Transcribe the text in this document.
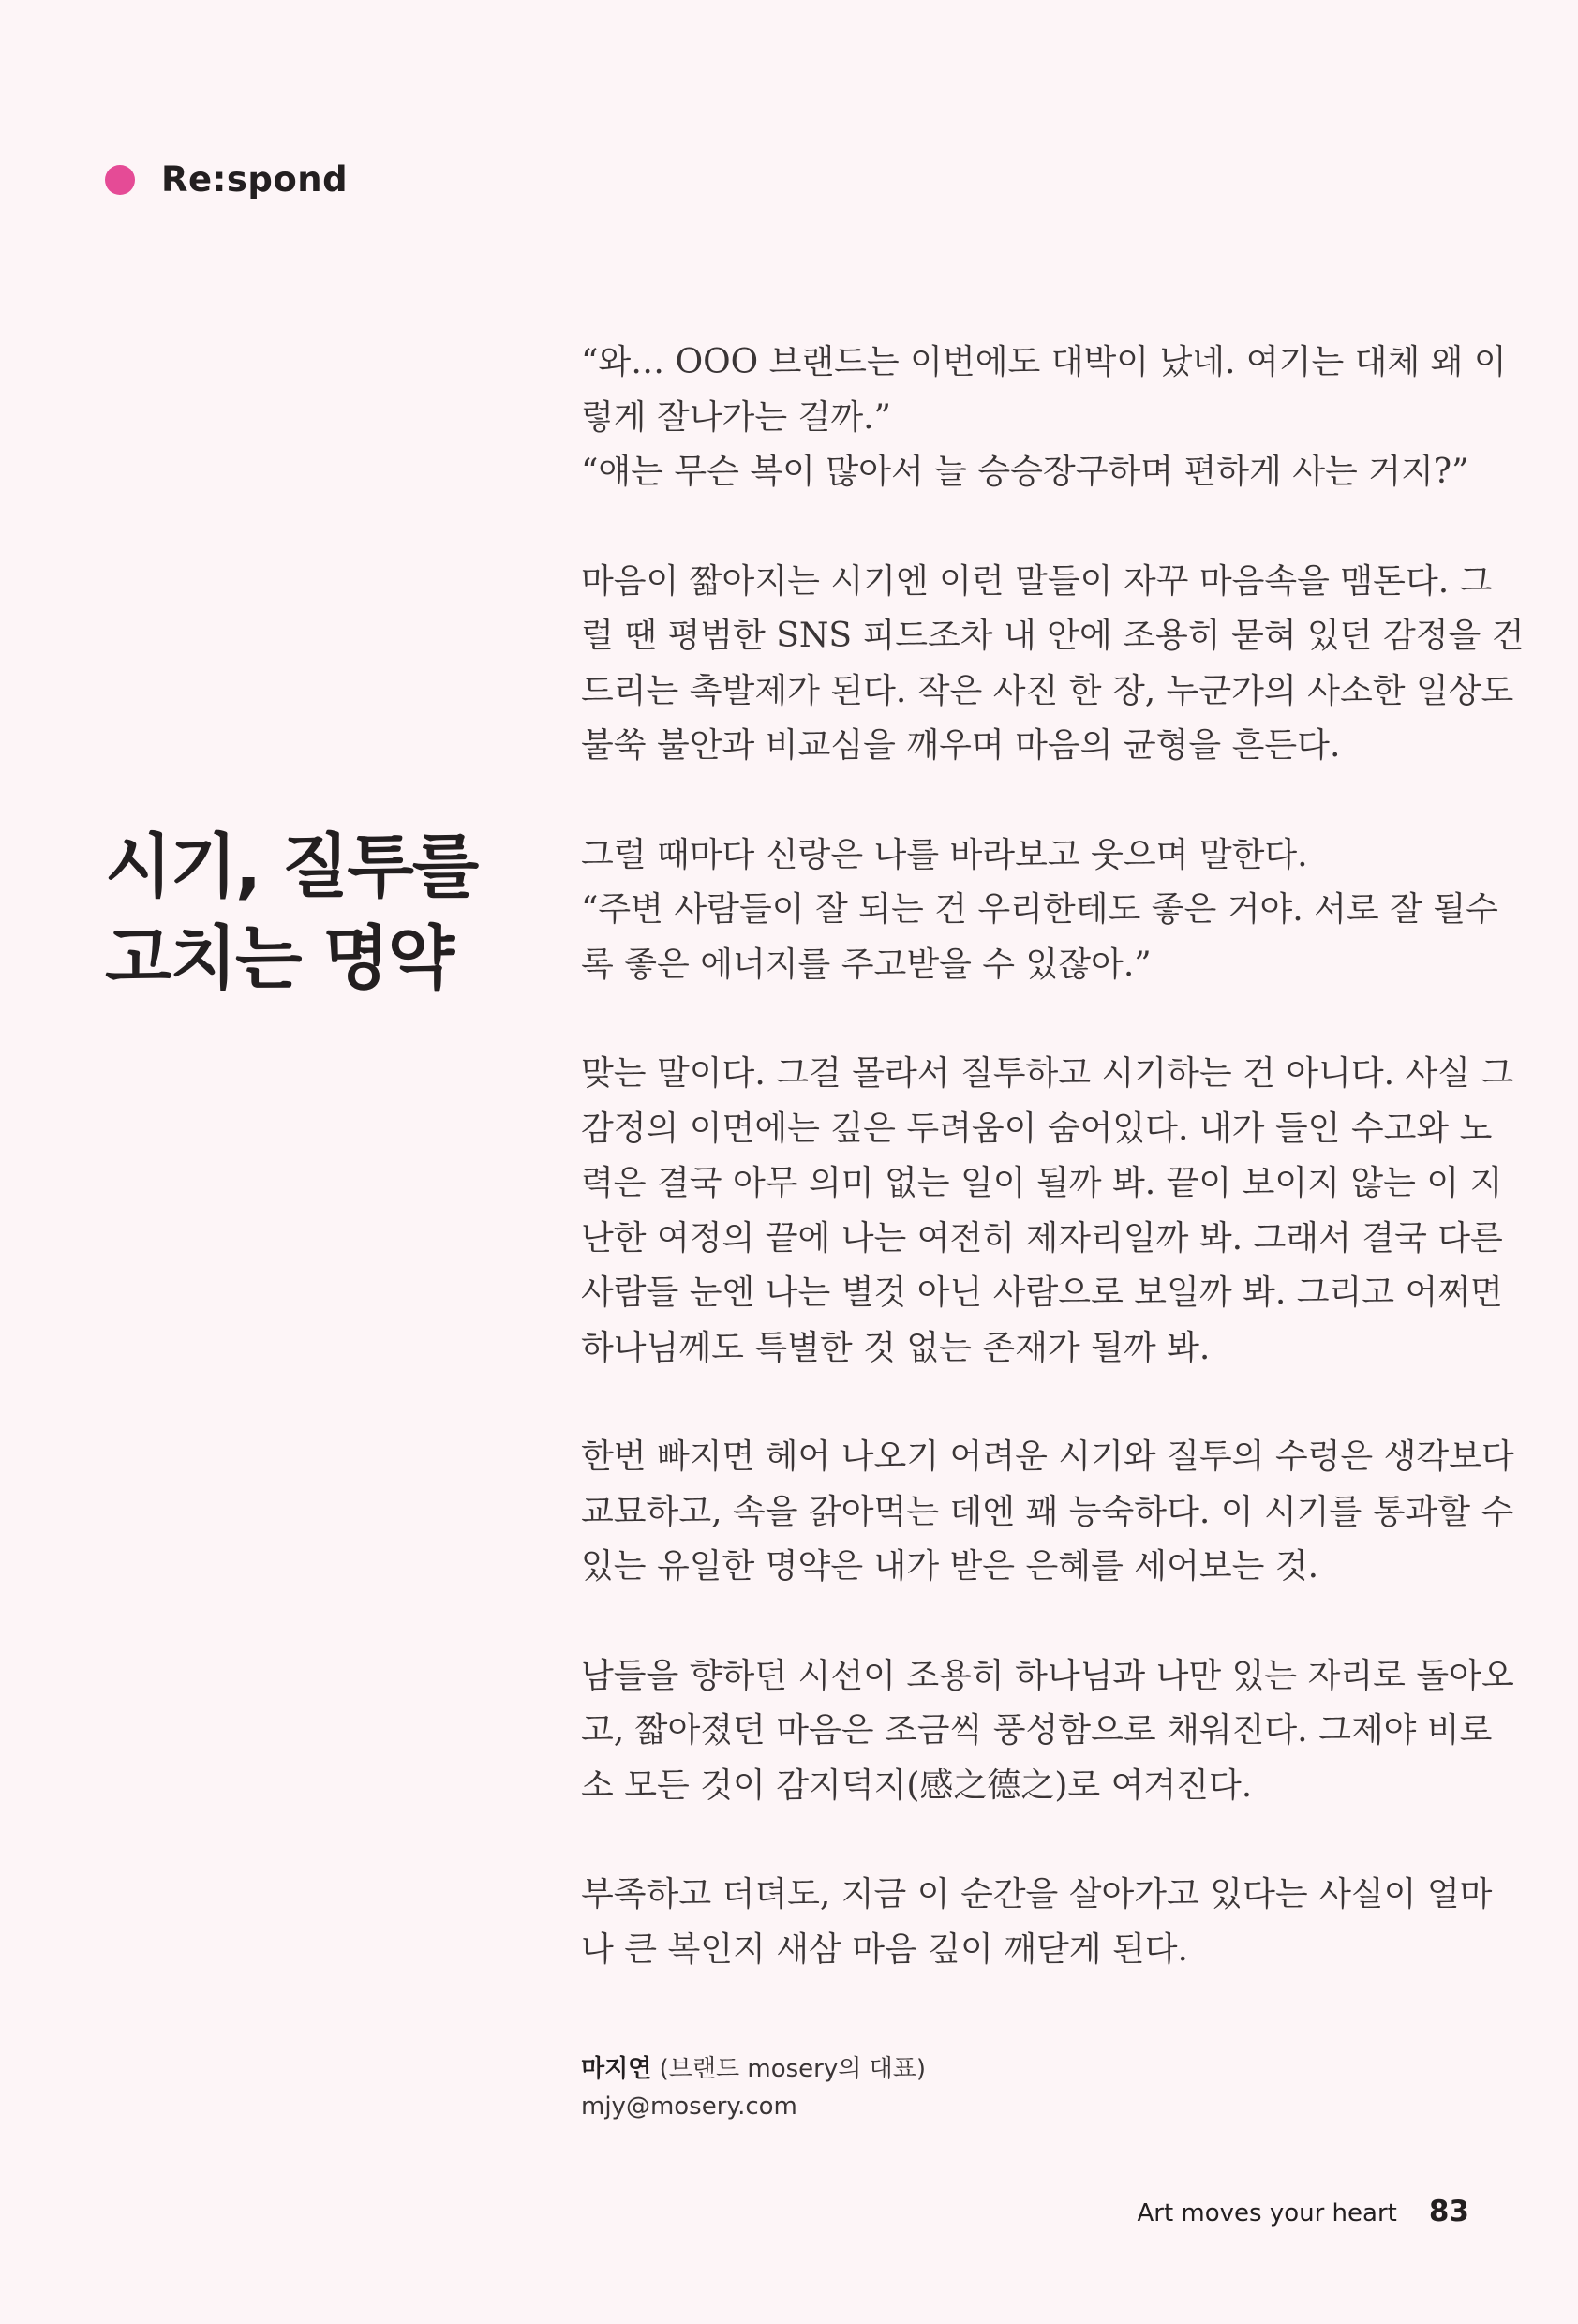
Re:spond
시기, 질투를
고치는 명약

“와… OOO 브랜드는 이번에도 대박이 났네. 여기는 대체 왜 이
렇게 잘나가는 걸까.”
“얘는 무슨 복이 많아서 늘 승승장구하며 편하게 사는 거지?”

마음이 짧아지는 시기엔 이런 말들이 자꾸 마음속을 맴돈다. 그
럴 땐 평범한 SNS 피드조차 내 안에 조용히 묻혀 있던 감정을 건
드리는 촉발제가 된다. 작은 사진 한 장, 누군가의 사소한 일상도
불쑥 불안과 비교심을 깨우며 마음의 균형을 흔든다.

그럴 때마다 신랑은 나를 바라보고 웃으며 말한다.
“주변 사람들이 잘 되는 건 우리한테도 좋은 거야. 서로 잘 될수
록 좋은 에너지를 주고받을 수 있잖아.”

맞는 말이다. 그걸 몰라서 질투하고 시기하는 건 아니다. 사실 그
감정의 이면에는 깊은 두려움이 숨어있다. 내가 들인 수고와 노
력은 결국 아무 의미 없는 일이 될까 봐. 끝이 보이지 않는 이 지
난한 여정의 끝에 나는 여전히 제자리일까 봐. 그래서 결국 다른
사람들 눈엔 나는 별것 아닌 사람으로 보일까 봐. 그리고 어쩌면
하나님께도 특별한 것 없는 존재가 될까 봐.

한번 빠지면 헤어 나오기 어려운 시기와 질투의 수렁은 생각보다
교묘하고, 속을 갉아먹는 데엔 꽤 능숙하다. 이 시기를 통과할 수
있는 유일한 명약은 내가 받은 은혜를 세어보는 것.

남들을 향하던 시선이 조용히 하나님과 나만 있는 자리로 돌아오
고, 짧아졌던 마음은 조금씩 풍성함으로 채워진다. 그제야 비로
소 모든 것이 감지덕지(感之德之)로 여겨진다.

부족하고 더뎌도, 지금 이 순간을 살아가고 있다는 사실이 얼마
나 큰 복인지 새삼 마음 깊이 깨닫게 된다.

마지연 (브랜드 mosery의 대표)
mjy@mosery.com
Art moves your heart 83
